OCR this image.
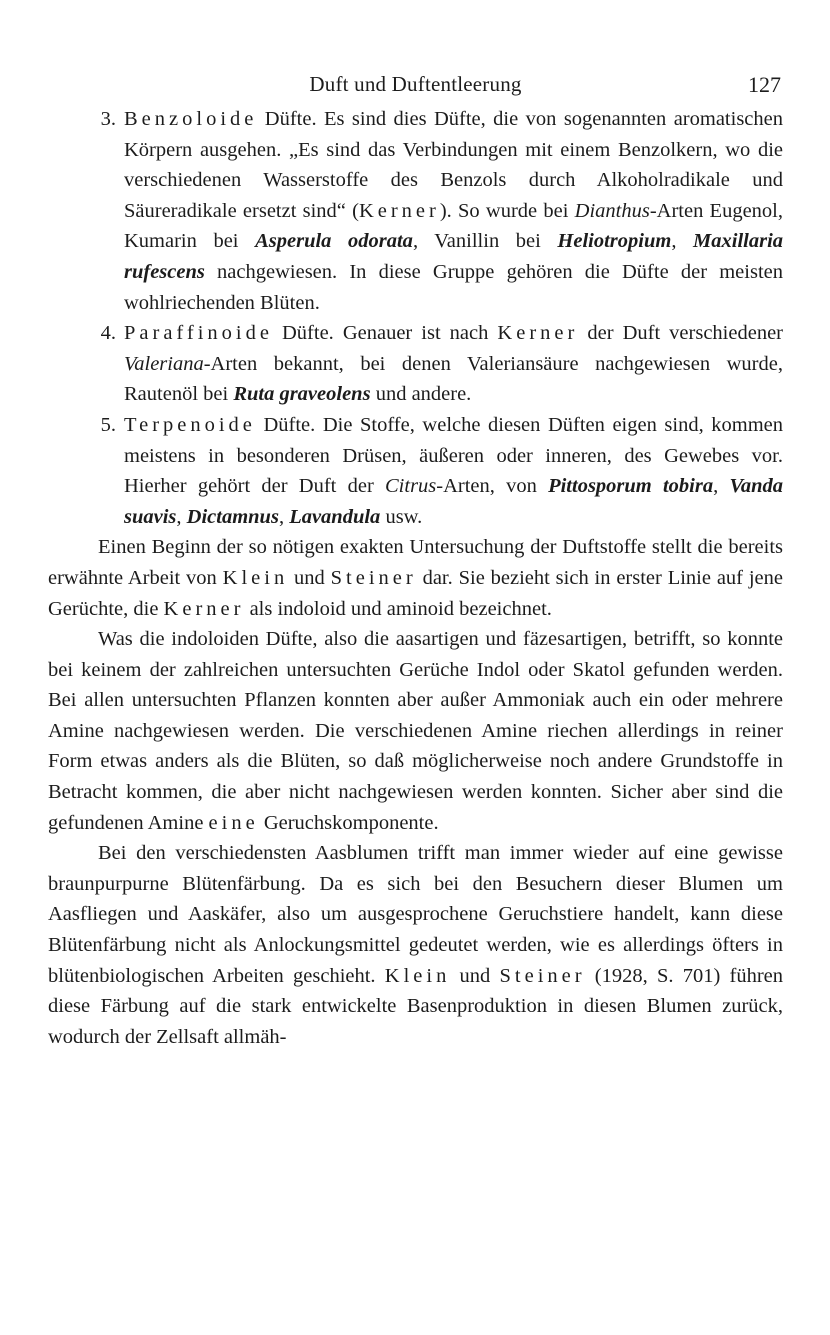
Duft und Duftentleerung	127
3. Benzoloide Düfte. Es sind dies Düfte, die von sogenannten aromatischen Körpern ausgehen. „Es sind das Verbindungen mit einem Benzolkern, wo die verschiedenen Wasserstoffe des Benzols durch Alkoholradikale und Säureradikale ersetzt sind“ (Kerner). So wurde bei Dianthus-Arten Eugenol, Kumarin bei Asperula odorata, Vanillin bei Heliotropium, Maxillaria rufescens nachgewiesen. In diese Gruppe gehören die Düfte der meisten wohlriechenden Blüten.
4. Paraffinoide Düfte. Genauer ist nach Kerner der Duft verschiedener Valeriana-Arten bekannt, bei denen Valeriansäure nachgewiesen wurde, Rautenöl bei Ruta graveolens und andere.
5. Terpenoide Düfte. Die Stoffe, welche diesen Düften eigen sind, kommen meistens in besonderen Drüsen, äußeren oder inneren, des Gewebes vor. Hierher gehört der Duft der Citrus-Arten, von Pittosporum tobira, Vanda suavis, Dictamnus, Lavandula usw.

Einen Beginn der so nötigen exakten Untersuchung der Duftstoffe stellt die bereits erwähnte Arbeit von Klein und Steiner dar. Sie bezieht sich in erster Linie auf jene Gerüchte, die Kerner als indoloid und aminoid bezeichnet.

Was die indoloiden Düfte, also die aasartigen und fäzesartigen, betrifft, so konnte bei keinem der zahlreichen untersuchten Gerüche Indol oder Skatol gefunden werden. Bei allen untersuchten Pflanzen konnten aber außer Ammoniak auch ein oder mehrere Amine nachgewiesen werden. Die verschiedenen Amine riechen allerdings in reiner Form etwas anders als die Blüten, so daß möglicherweise noch andere Grundstoffe in Betracht kommen, die aber nicht nachgewiesen werden konnten. Sicher aber sind die gefundenen Amine eine Geruchskomponente.

Bei den verschiedensten Aasblumen trifft man immer wieder auf eine gewisse braunpurpurne Blütenfärbung. Da es sich bei den Besuchern dieser Blumen um Aasfliegen und Aaskäfer, also um ausgesprochene Geruchstiere handelt, kann diese Blütenfärbung nicht als Anlockungsmittel gedeutet werden, wie es allerdings öfters in blütenbiologischen Arbeiten geschieht. Klein und Steiner (1928, S. 701) führen diese Färbung auf die stark entwickelte Basenproduktion in diesen Blumen zurück, wodurch der Zellsaft allmäh-
